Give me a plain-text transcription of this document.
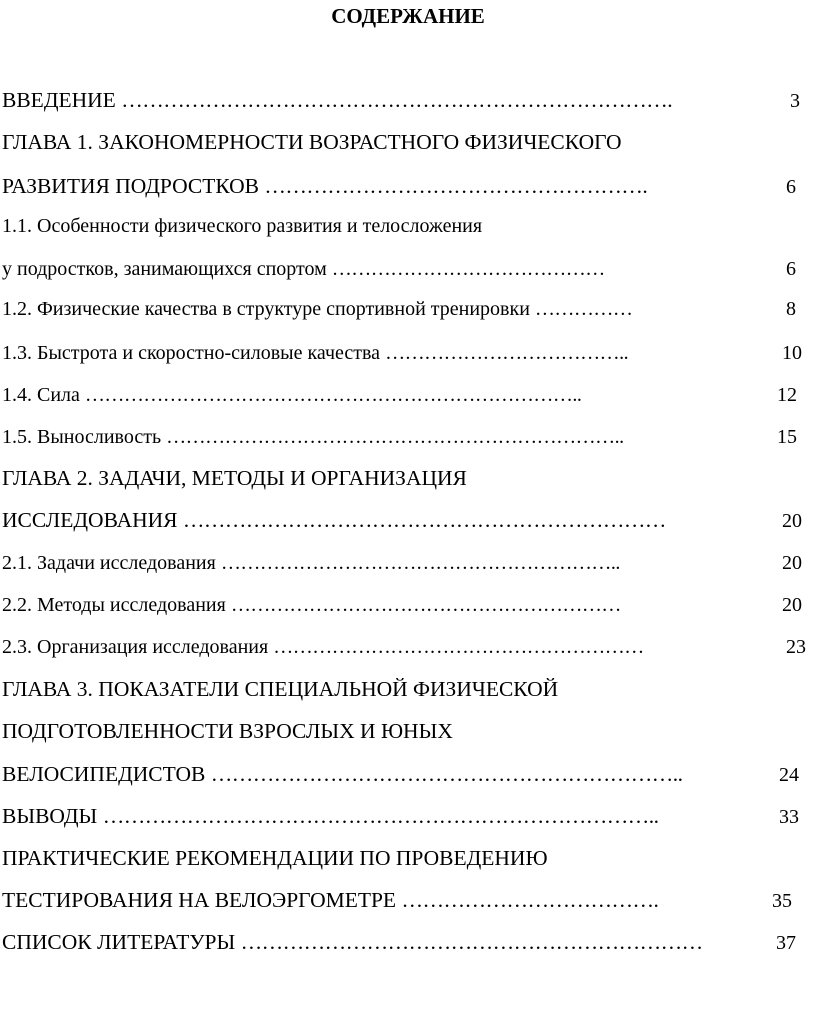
СОДЕРЖАНИЕ
ВВЕДЕНИЕ …………………………………………………………………….	3
ГЛАВА 1. ЗАКОНОМЕРНОСТИ ВОЗРАСТНОГО ФИЗИЧЕСКОГО
РАЗВИТИЯ ПОДРОСТКОВ ……………………………………………….	6
1.1. Особенности физического развития и телосложения
у подростков, занимающихся спортом ……………………………………	6
1.2. Физические качества в структуре спортивной тренировки ……………	8
1.3. Быстрота и скоростно-силовые качества ………………………………..	10
1.4. Сила …………………………………………………………………..	12
1.5. Выносливость ……………………………………………………………..	15
ГЛАВА 2. ЗАДАЧИ, МЕТОДЫ И ОРГАНИЗАЦИЯ
ИССЛЕДОВАНИЯ ……………………………………………………………	20
2.1. Задачи исследования ……………………………………………………..	20
2.2. Методы исследования ……………………………………………………	20
2.3. Организация исследования …………………………………………………	23
ГЛАВА 3. ПОКАЗАТЕЛИ СПЕЦИАЛЬНОЙ ФИЗИЧЕСКОЙ
ПОДГОТОВЛЕННОСТИ ВЗРОСЛЫХ И ЮНЫХ
ВЕЛОСИПЕДИСТОВ …………………………………………………………..	24
ВЫВОДЫ ……………………………………………………………………..	33
ПРАКТИЧЕСКИЕ РЕКОМЕНДАЦИИ ПО ПРОВЕДЕНИЮ
ТЕСТИРОВАНИЯ НА ВЕЛОЭРГОМЕТРЕ ……………………………….	35
СПИСОК ЛИТЕРАТУРЫ …………………………………………………………	37
